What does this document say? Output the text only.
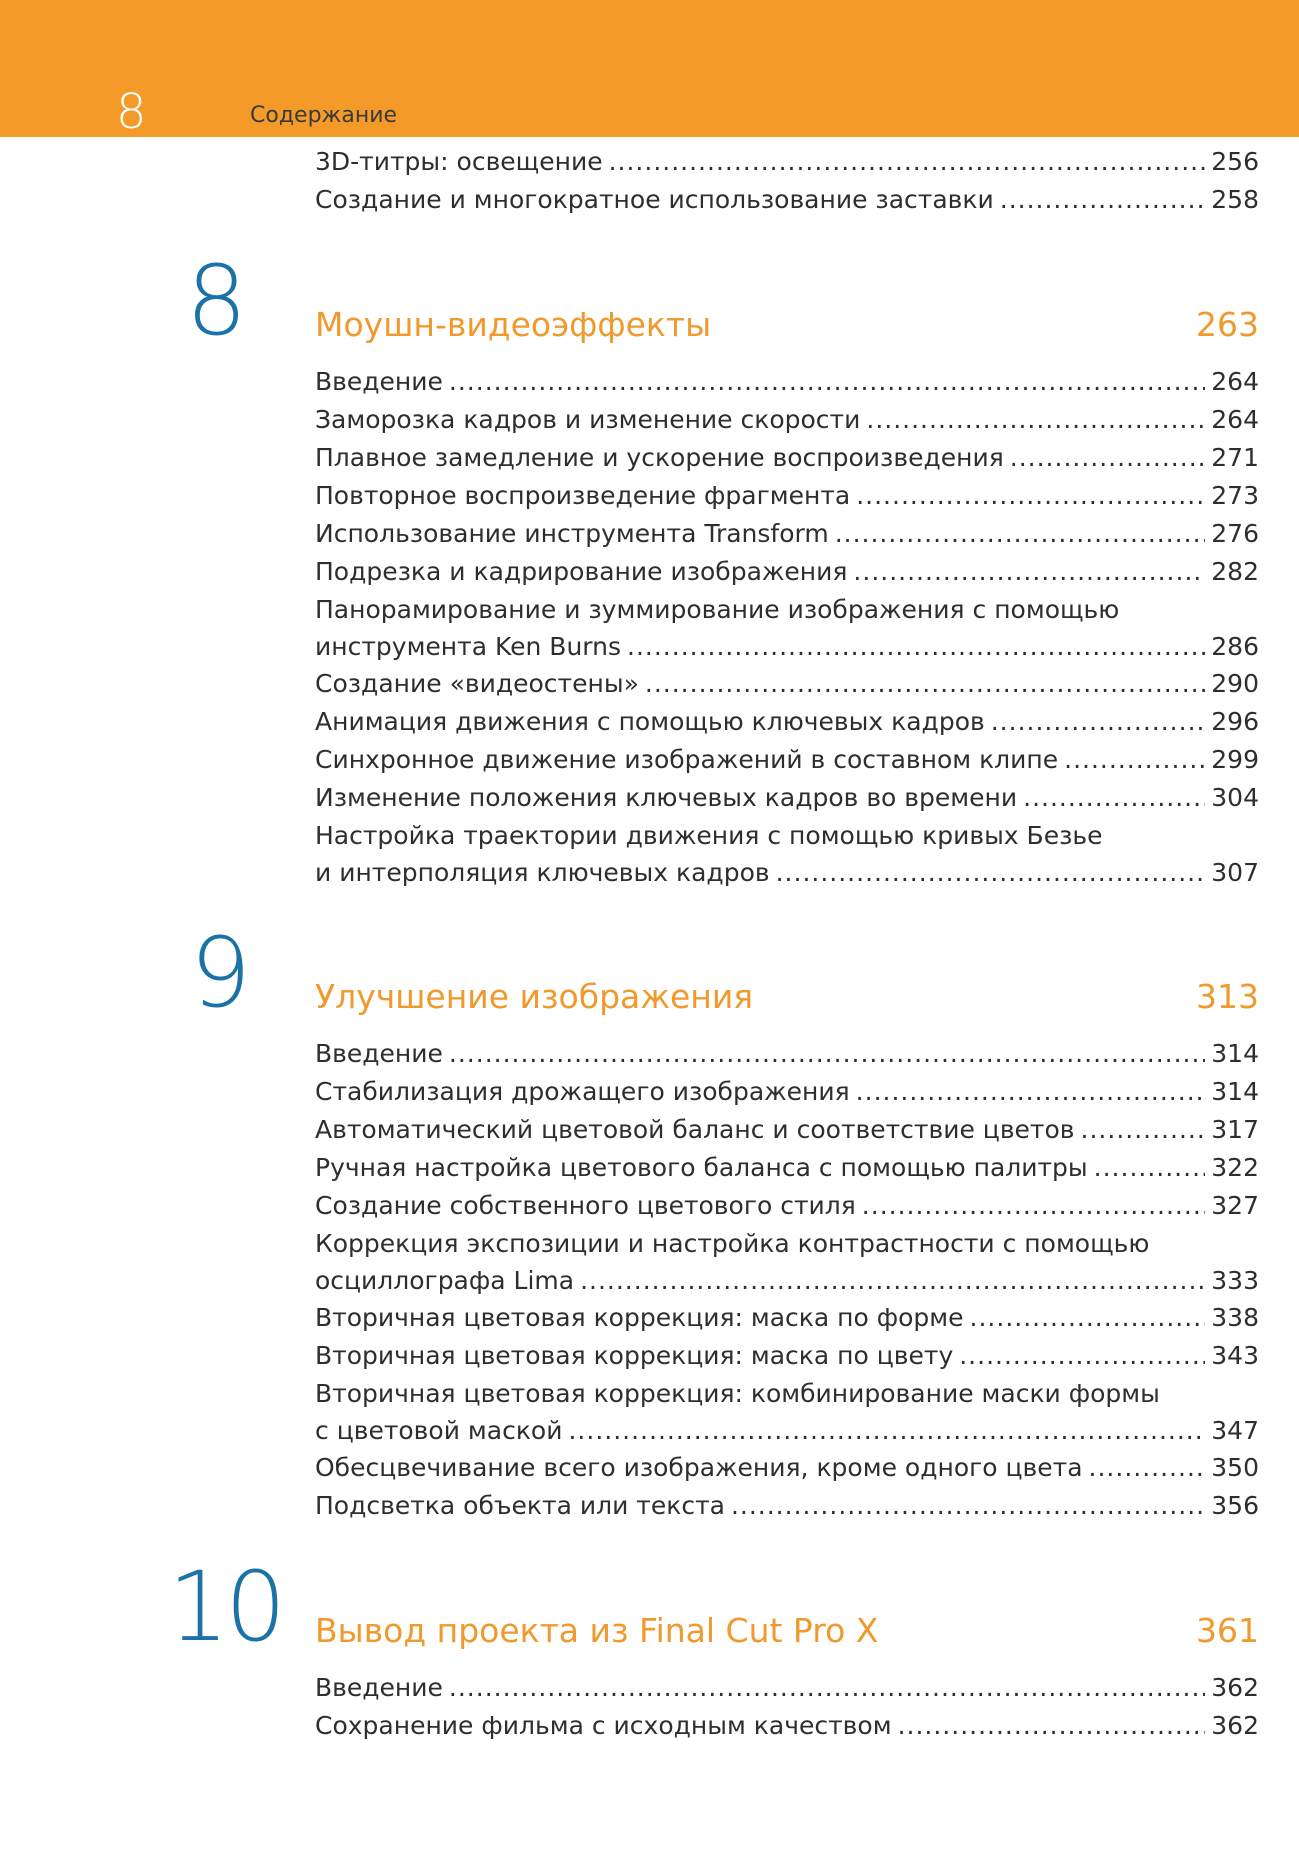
8	Содержание
3D-титры: освещение .....	256
Создание и многократное использование заставки .....	258
8 Моушн-видеоэффекты	263
Введение .....	264
Заморозка кадров и изменение скорости .....	264
Плавное замедление и ускорение воспроизведения .....	271
Повторное воспроизведение фрагмента .....	273
Использование инструмента Transform .....	276
Подрезка и кадрирование изображения .....	282
Панорамирование и зуммирование изображения с помощью
инструмента Ken Burns .....	286
Создание «видеостены» .....	290
Анимация движения с помощью ключевых кадров .....	296
Синхронное движение изображений в составном клипе .....	299
Изменение положения ключевых кадров во времени .....	304
Настройка траектории движения с помощью кривых Безье
и интерполяция ключевых кадров .....	307
9 Улучшение изображения	313
Введение .....	314
Стабилизация дрожащего изображения .....	314
Автоматический цветовой баланс и соответствие цветов .....	317
Ручная настройка цветового баланса с помощью палитры .....	322
Создание собственного цветового стиля .....	327
Коррекция экспозиции и настройка контрастности с помощью
осциллографа Lima .....	333
Вторичная цветовая коррекция: маска по форме .....	338
Вторичная цветовая коррекция: маска по цвету .....	343
Вторичная цветовая коррекция: комбинирование маски формы
с цветовой маской .....	347
Обесцвечивание всего изображения, кроме одного цвета .....	350
Подсветка объекта или текста .....	356
10 Вывод проекта из Final Cut Pro X	361
Введение .....	362
Сохранение фильма с исходным качеством .....	362
